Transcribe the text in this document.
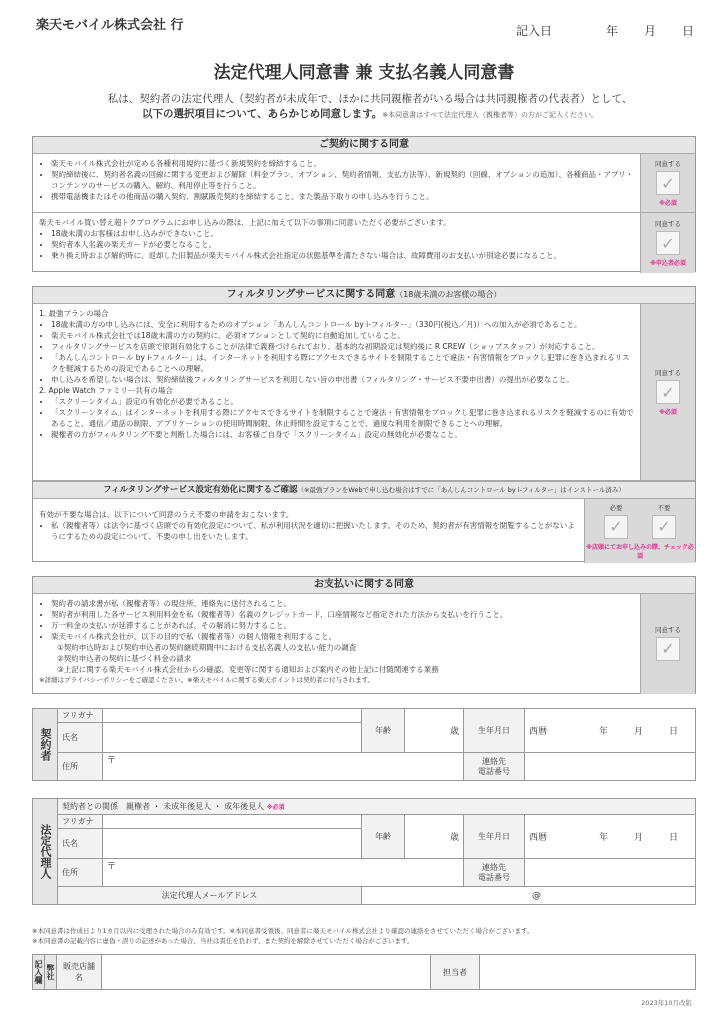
楽天モバイル株式会社 行	記入日	年	月	日
法定代理人同意書 兼 支払名義人同意書
私は、契約者の法定代理人（契約者が未成年で、ほかに共同親権者がいる場合は共同親権者の代表者）として、
以下の選択項目について、あらかじめ同意します。※本同意書はすべて法定代理人（親権者等）の方がご記入ください。
ご契約に関する同意
• 楽天モバイル株式会社が定める各種利用規約に基づく新規契約を締結すること。
• 契約締結後に、契約者名義の回線に関する変更および解除（料金プラン、オプション、契約者情報、支払方法等）、新規契約（回線、オプションの追加）、各種商品・アプリ・コンテンツのサービスの購入、解約、利用停止等を行うこと。
• 携帯電話機またはその他商品の購入契約、割賦販売契約を締結すること。また製品下取りの申し込みを行うこと。
同意する
✓
※必須
楽天モバイル買い替え超トクプログラムにお申し込みの際は、上記に加えて以下の事項に同意いただく必要がございます。
• 18歳未満のお客様はお申し込みができないこと。
• 契約者本人名義の楽天カードが必要となること。
• 乗り換え時および解約時に、返却した旧製品が楽天モバイル株式会社指定の状態基準を満たさない場合は、故障費用のお支払いが別途必要になること。
同意する
✓
※申込者必須
フィルタリングサービスに関する同意（18歳未満のお客様の場合）
1. 最強プランの場合
• 18歳未満の方の申し込みには、安全に利用するためのオプション「あんしんコントロール by i-フィルター」（330円(税込／月)）への加入が必須であること。
• 楽天モバイル株式会社では18歳未満の方の契約に、必須オプションとして契約に自動追加していること。
• フィルタリングサービスを店頭で原則有効化することが法律で義務づけられており、基本的な初期設定は契約後に R CREW（ショップスタッフ）が対応すること。
• 「あんしんコントロール by i-フィルター」は、インターネットを利用する際にアクセスできるサイトを制限することで違法・有害情報をブロックし犯罪に巻き込まれるリスクを軽減するための設定であることへの理解。
• 申し込みを希望しない場合は、契約締結後フィルタリングサービスを利用しない旨の申出書（フィルタリング・サービス不要申出書）の提出が必要なこと。
2. Apple Watch ファミリー共有の場合
• 「スクリーンタイム」設定の有効化が必要であること。
• 「スクリーンタイム」はインターネットを利用する際にアクセスできるサイトを制限することで違法・有害情報をブロックし犯罪に巻き込まれるリスクを軽減するのに有効であること、通信／通話の制限、アプリケーションの使用時間制限、休止時間を設定することで、過度な利用を制限できることへの理解。
• 親権者の方がフィルタリング不要と判断した場合には、お客様ご自身で「スクリーンタイム」設定の無効化が必要なこと。
同意する
✓
※必須
フィルタリングサービス設定有効化に関するご確認（※最強プランをWebで申し込む場合はすでに「あんしんコントロール by i-フィルター」はインストール済み）
有効が不要な場合は、以下について同意のうえ不要の申請をおこないます。
• 私（親権者等）は法令に基づく店頭での有効化設定について、私が利用状況を適切に把握いたします。そのため、契約者が有害情報を閲覧することがないようにするための設定について、不要の申し出をいたします。
必要
✓
不要
✓
※店頭にてお申し込みの際、チェック必須
お支払いに関する同意
• 契約者の請求書が私（親権者等）の現住所、連絡先に送付されること。
• 契約者が利用した各サービス利用料金を私（親権者等）名義のクレジットカード、口座情報など指定された方法から支払いを行うこと。
• 万一料金の支払いが延滞することがあれば、その解消に努力すること。
• 楽天モバイル株式会社が、以下の目的で私（親権者等）の個人情報を利用すること。
①契約申込時および契約申込者の契約継続期間中における支払名義人の支払い能力の調査
②契約申込者の契約に基づく料金の請求
③上記に関する楽天モバイル株式会社からの確認、変更等に関する通知および案内その他上記に付随関連する業務
※詳細はプライバシーポリシーをご確認ください。※楽天モバイルに関する楽天ポイントは契約者に付与されます。
同意する
✓
契約者	フリガナ		年齢	歳	生年月日	西暦 年 月 日
	氏名					
	住所	〒			連絡先
電話番号	

法定代理人	契約者との関係　 親権者 ・ 未成年後見人 ・ 成年後見人 ※必須					
	フリガナ		年齢	歳	生年月日	西暦 年 月 日
	氏名					
	住所	〒			連絡先
電話番号	

	法定代理人メールアドレス		@			
※本同意書は作成日より1カ月以内に受理された場合のみ有効です。※本同意書受領後、同意者に楽天モバイル株式会社より確認の連絡をさせていただく場合がございます。
※本同意書の記載内容に虚偽・誤りの記述があった場合、当社は責任を負わず、また契約を解除させていただく場合がございます。
記入欄	弊社	販売店舗名		担当者	
2023年10月改版
